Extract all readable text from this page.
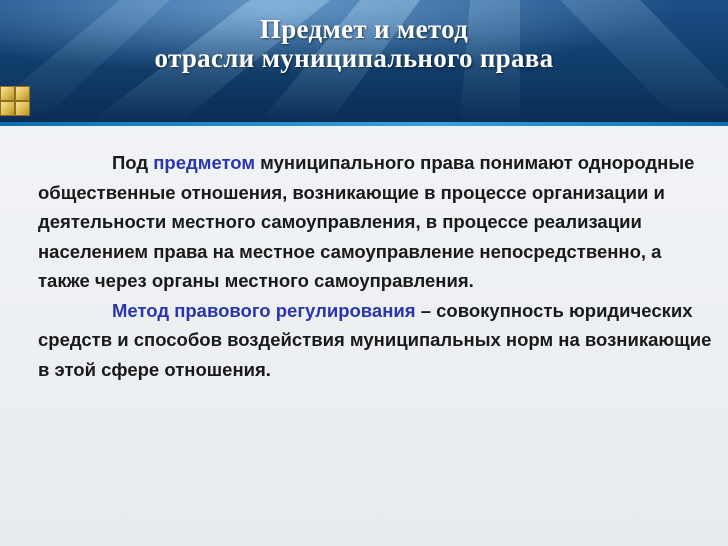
Предмет и метод
отрасли муниципального права

Под предметом муниципального права понимают однородные общественные отношения, возникающие в процессе организации и деятельности местного самоуправления, в процессе реализации населением права на местное самоуправление непосредственно, а также через органы местного самоуправления.

Метод правового регулирования – совокупность юридических средств и способов воздействия муниципальных норм на возникающие в этой сфере отношения.
